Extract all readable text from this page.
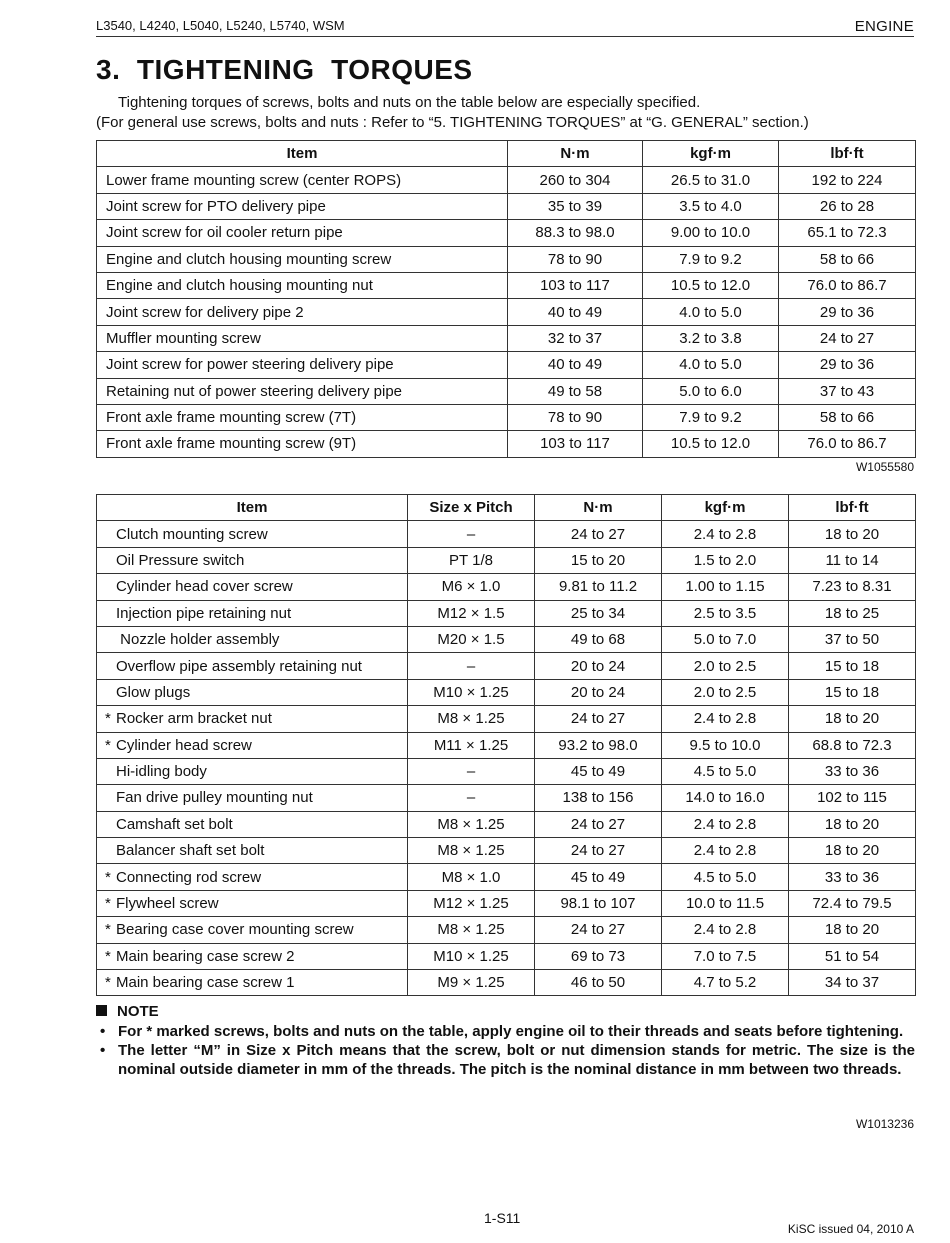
L3540, L4240, L5040, L5240, L5740, WSM	ENGINE
3.  TIGHTENING  TORQUES
Tightening torques of screws, bolts and nuts on the table below are especially specified.
(For general use screws, bolts and nuts : Refer to “5. TIGHTENING TORQUES” at “G. GENERAL” section.)
Item	N·m	kgf·m	lbf·ft
Lower frame mounting screw (center ROPS)	260 to 304	26.5 to 31.0	192 to 224
Joint screw for PTO delivery pipe	35 to 39	3.5 to 4.0	26 to 28
Joint screw for oil cooler return pipe	88.3 to 98.0	9.00 to 10.0	65.1 to 72.3
Engine and clutch housing mounting screw	78 to 90	7.9 to 9.2	58 to 66
Engine and clutch housing mounting nut	103 to 117	10.5 to 12.0	76.0 to 86.7
Joint screw for delivery pipe 2	40 to 49	4.0 to 5.0	29 to 36
Muffler mounting screw	32 to 37	3.2 to 3.8	24 to 27
Joint screw for power steering delivery pipe	40 to 49	4.0 to 5.0	29 to 36
Retaining nut of power steering delivery pipe	49 to 58	5.0 to 6.0	37 to 43
Front axle frame mounting screw (7T)	78 to 90	7.9 to 9.2	58 to 66
Front axle frame mounting screw (9T)	103 to 117	10.5 to 12.0	76.0 to 86.7
W1055580
Item	Size x Pitch	N·m	kgf·m	lbf·ft
Clutch mounting screw	–	24 to 27	2.4 to 2.8	18 to 20
Oil Pressure switch	PT 1/8	15 to 20	1.5 to 2.0	11 to 14
Cylinder head cover screw	M6 × 1.0	9.81 to 11.2	1.00 to 1.15	7.23 to 8.31
Injection pipe retaining nut	M12 × 1.5	25 to 34	2.5 to 3.5	18 to 25
Nozzle holder assembly	M20 × 1.5	49 to 68	5.0 to 7.0	37 to 50
Overflow pipe assembly retaining nut	–	20 to 24	2.0 to 2.5	15 to 18
Glow plugs	M10 × 1.25	20 to 24	2.0 to 2.5	15 to 18
* Rocker arm bracket nut	M8 × 1.25	24 to 27	2.4 to 2.8	18 to 20
* Cylinder head screw	M11 × 1.25	93.2 to 98.0	9.5 to 10.0	68.8 to 72.3
Hi-idling body	–	45 to 49	4.5 to 5.0	33 to 36
Fan drive pulley mounting nut	–	138 to 156	14.0 to 16.0	102 to 115
Camshaft set bolt	M8 × 1.25	24 to 27	2.4 to 2.8	18 to 20
Balancer shaft set bolt	M8 × 1.25	24 to 27	2.4 to 2.8	18 to 20
* Connecting rod screw	M8 × 1.0	45 to 49	4.5 to 5.0	33 to 36
* Flywheel screw	M12 × 1.25	98.1 to 107	10.0 to 11.5	72.4 to 79.5
* Bearing case cover mounting screw	M8 × 1.25	24 to 27	2.4 to 2.8	18 to 20
* Main bearing case screw 2	M10 × 1.25	69 to 73	7.0 to 7.5	51 to 54
* Main bearing case screw 1	M9 × 1.25	46 to 50	4.7 to 5.2	34 to 37
NOTE
• For * marked screws, bolts and nuts on the table, apply engine oil to their threads and seats before tightening.
• The letter “M” in Size x Pitch means that the screw, bolt or nut dimension stands for metric. The size is the nominal outside diameter in mm of the threads. The pitch is the nominal distance in mm between two threads.
W1013236
1-S11
KiSC issued 04, 2010 A
